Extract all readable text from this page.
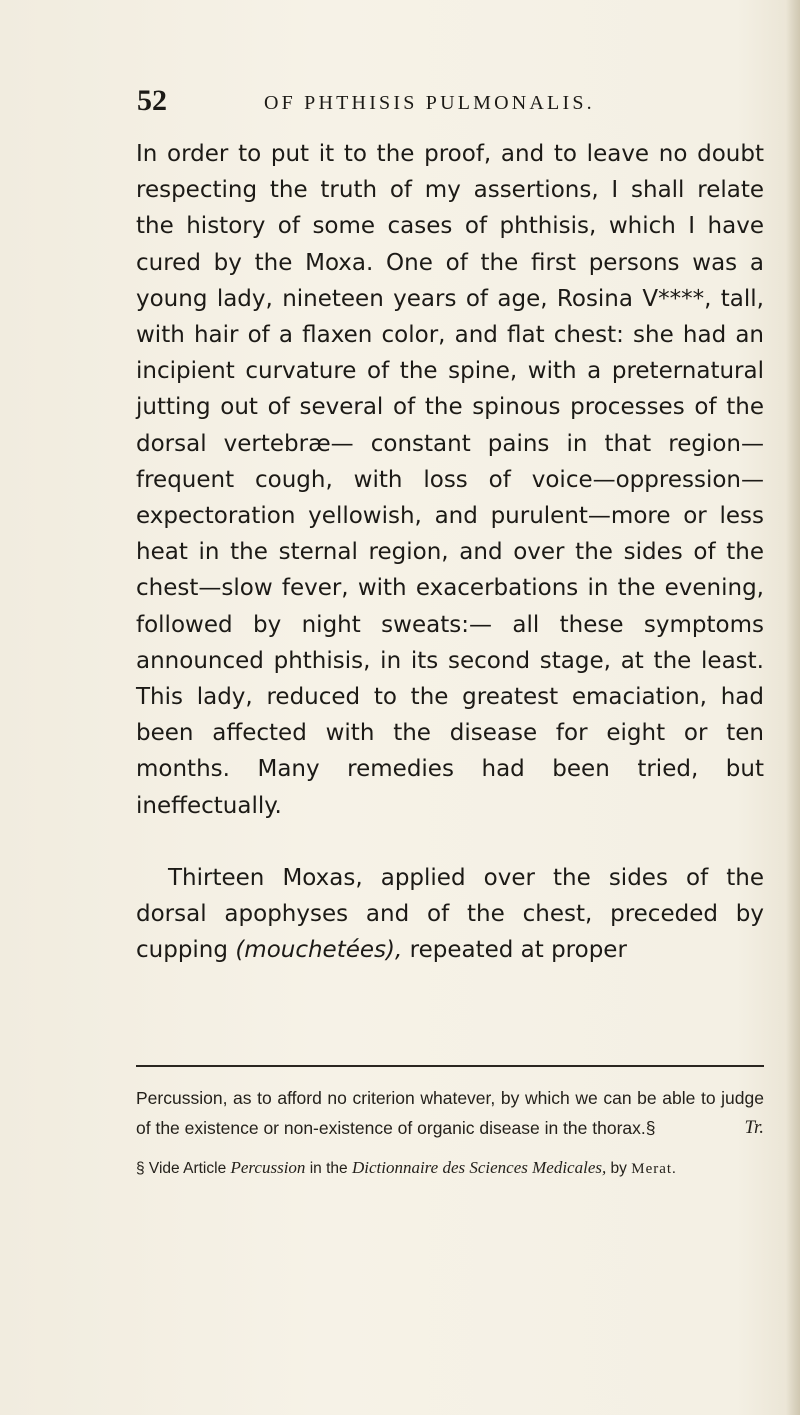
52	OF PHTHISIS PULMONALIS.

In order to put it to the proof, and to leave no doubt respecting the truth of my assertions, I shall relate the history of some cases of phthisis, which I have cured by the Moxa. One of the first persons was a young lady, nineteen years of age, Rosina V****, tall, with hair of a flaxen color, and flat chest: she had an incipient curvature of the spine, with a preternatural jutting out of several of the spinous processes of the dorsal vertebræ— constant pains in that region— frequent cough, with loss of voice—oppression— expectoration yellowish, and purulent—more or less heat in the sternal region, and over the sides of the chest—slow fever, with exacerbations in the evening, followed by night sweats:— all these symptoms announced phthisis, in its second stage, at the least. This lady, reduced to the greatest emaciation, had been affected with the disease for eight or ten months. Many remedies had been tried, but ineffectually.

Thirteen Moxas, applied over the sides of the dorsal apophyses and of the chest, preceded by cupping (mouchetées), repeated at proper

Percussion, as to afford no criterion whatever, by which we can be able to judge of the existence or non-existence of organic disease in the thorax.§	Tr.

§ Vide Article Percussion in the Dictionnaire des Sciences Medicales, by Merat.
